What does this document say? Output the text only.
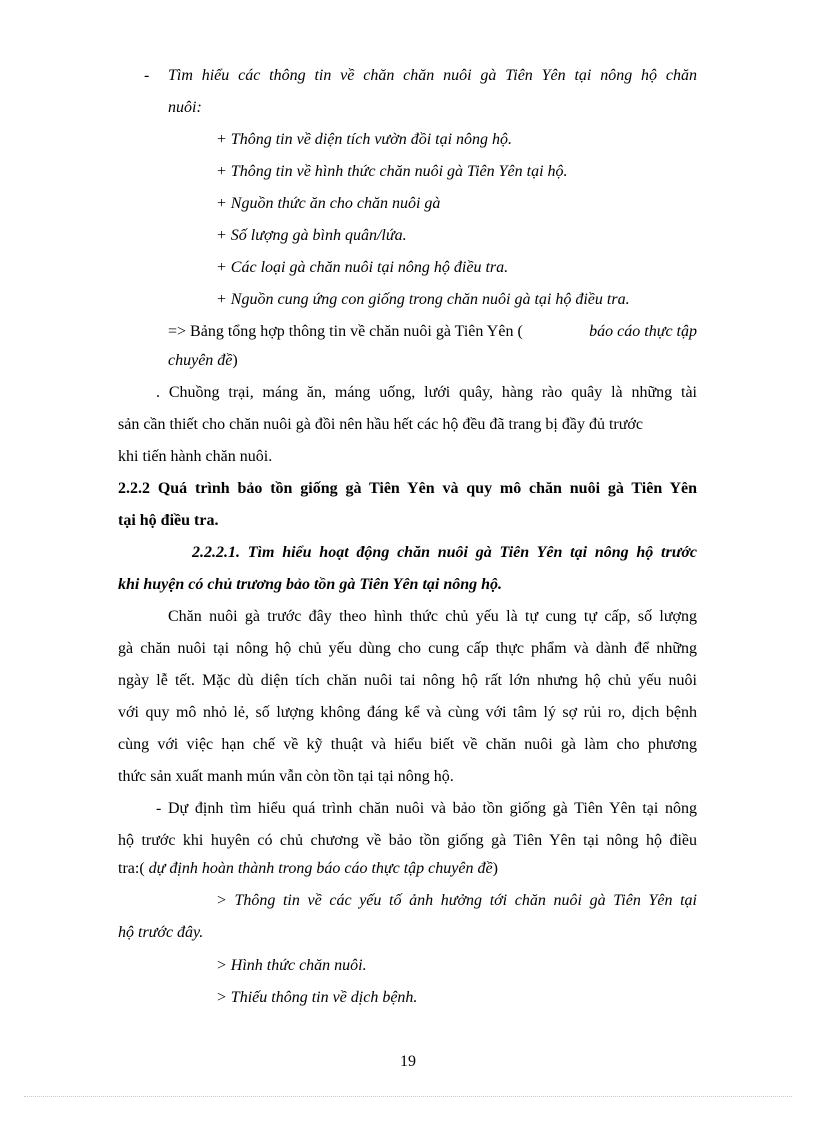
- Tìm hiểu các thông tin về chăn chăn nuôi gà Tiên Yên tại nông hộ chăn
nuôi:
+ Thông tin về diện tích vườn đồi tại nông hộ.
+ Thông tin về hình thức chăn nuôi gà Tiên Yên tại hộ.
+ Nguồn thức ăn cho chăn nuôi gà
+ Số lượng gà bình quân/lứa.
+ Các loại gà chăn nuôi tại nông hộ điều tra.
+ Nguồn cung ứng con giống trong chăn nuôi gà tại hộ điều tra.
=> Bảng tổng hợp thông tin về chăn nuôi gà Tiên Yên (	báo cáo thực tập
chuyên đề)
. Chuồng trại, máng ăn, máng uống, lưới quây, hàng rào quây là những tài
sản cần thiết cho chăn nuôi gà đồi nên hầu hết các hộ đều đã trang bị đầy đủ trước
khi tiến hành chăn nuôi.
2.2.2 Quá trình bảo tồn giống gà Tiên Yên và quy mô chăn nuôi gà Tiên Yên
tại hộ điều tra.
2.2.2.1. Tìm hiểu hoạt động chăn nuôi gà Tiên Yên tại nông hộ trước
khi huyện có chủ trương bảo tồn gà Tiên Yên tại nông hộ.
Chăn nuôi gà trước đây theo hình thức chủ yếu là tự cung tự cấp, số lượng
gà chăn nuôi tại nông hộ chủ yếu dùng cho cung cấp thực phẩm và dành để những
ngày lễ tết. Mặc dù diện tích chăn nuôi tai nông hộ rất lớn nhưng hộ chủ yếu nuôi
với quy mô nhỏ lẻ, số lượng không đáng kể và cùng với tâm lý sợ rủi ro, dịch bệnh
cùng với việc hạn chế về kỹ thuật và hiểu biết về chăn nuôi gà làm cho phương
thức sản xuất manh mún vẫn còn tồn tại tại nông hộ.
- Dự định tìm hiểu quá trình chăn nuôi và bảo tồn giống gà Tiên Yên tại nông
hộ trước khi huyên có chủ chương về bảo tồn giống gà Tiên Yên tại nông hộ điều
tra:( dự định hoàn thành trong báo cáo thực tập chuyên đề)
> Thông tin về các yếu tố ảnh hưởng tới chăn nuôi gà Tiên Yên tại
hộ trước đây.
> Hình thức chăn nuôi.
> Thiếu thông tin về dịch bệnh.
19
